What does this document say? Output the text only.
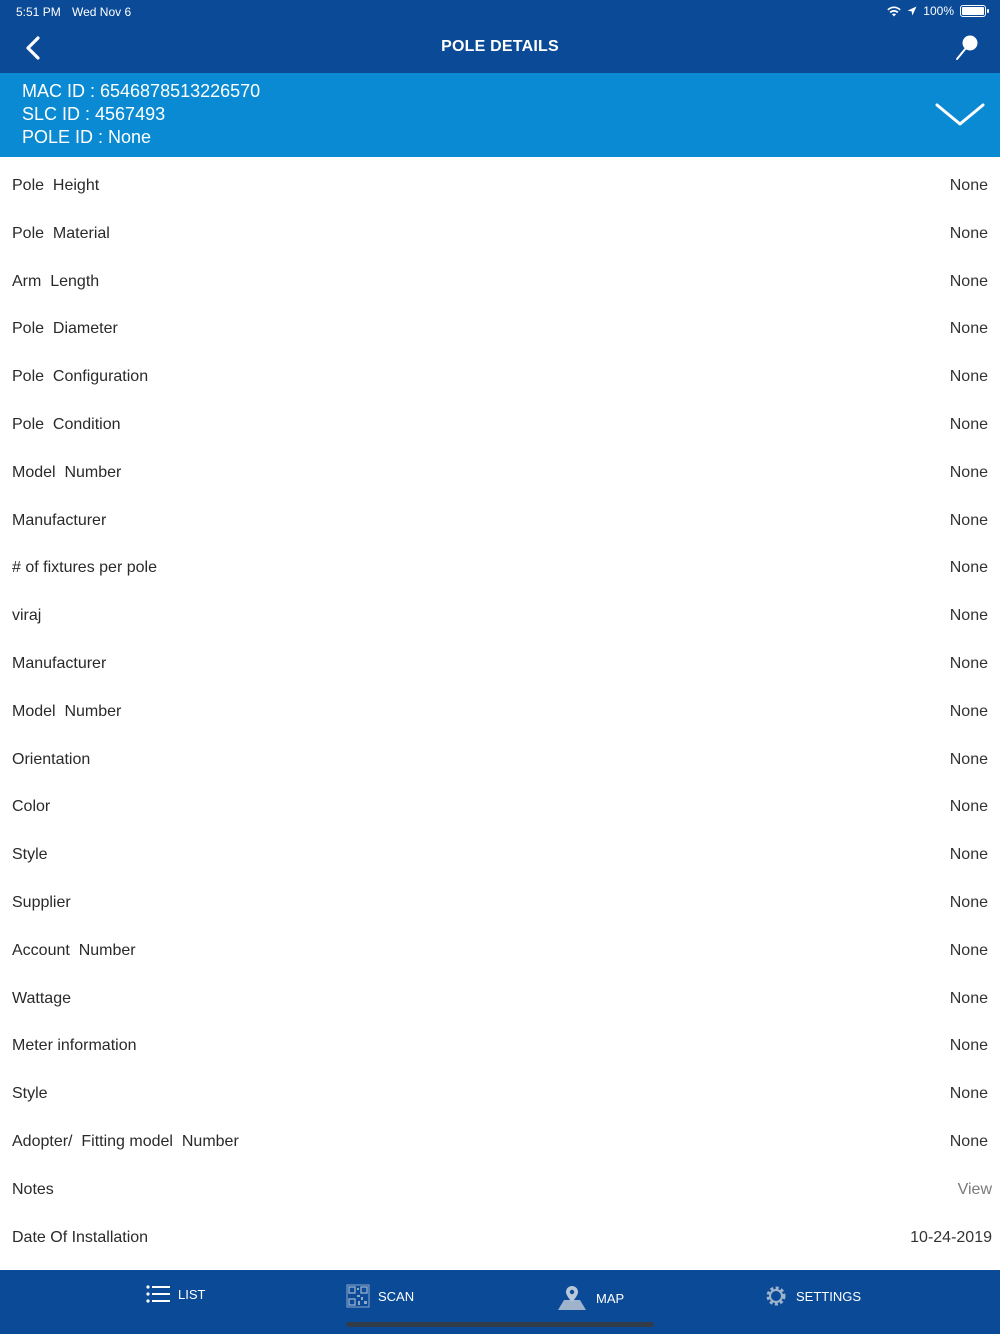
5:51 PM Wed Nov 6	100%
POLE DETAILS
MAC ID : 6546878513226570
SLC ID : 4567493
POLE ID : None
Pole  Height	None
Pole  Material	None
Arm  Length	None
Pole  Diameter	None
Pole  Configuration	None
Pole  Condition	None
Model  Number	None
Manufacturer	None
# of fixtures per pole	None
viraj	None
Manufacturer	None
Model  Number	None
Orientation	None
Color	None
Style	None
Supplier	None
Account  Number	None
Wattage	None
Meter information	None
Style	None
Adopter/  Fitting model  Number	None
Notes	View
Date Of Installation	10-24-2019
LIST	SCAN	MAP	SETTINGS
